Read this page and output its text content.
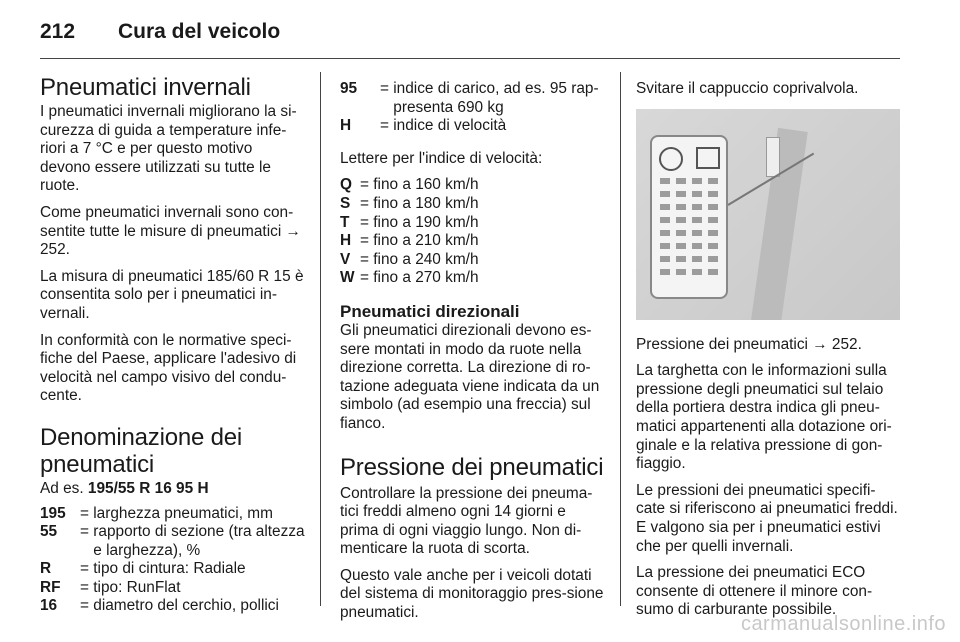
212	Cura del veicolo
Pneumatici invernali

I pneumatici invernali migliorano la si-curezza di guida a temperature infe-riori a 7 °C e per questo motivo devono essere utilizzati su tutte le ruote.

Come pneumatici invernali sono con-sentite tutte le misure di pneumatici → 252.

La misura di pneumatici 185/60 R 15 è consentita solo per i pneumatici in-vernali.

In conformità con le normative speci-fiche del Paese, applicare l'adesivo di velocità nel campo visivo del condu-cente.

Denominazione dei pneumatici

Ad es. 195/55 R 16 95 H

195 = larghezza pneumatici, mm
55	= rapporto di sezione (tra altezza e larghezza), %
R	= tipo di cintura: Radiale
RF	= tipo: RunFlat
16	= diametro del cerchio, pollici
95	= indice di carico, ad es. 95 rap-presenta 690 kg
H	= indice di velocità

Lettere per l'indice di velocità:

Q = fino a 160 km/h
S = fino a 180 km/h
T = fino a 190 km/h
H = fino a 210 km/h
V = fino a 240 km/h
W = fino a 270 km/h
Pneumatici direzionali

Gli pneumatici direzionali devono es-sere montati in modo da ruote nella direzione corretta. La direzione di ro-tazione adeguata viene indicata da un simbolo (ad esempio una freccia) sul fianco.

Pressione dei pneumatici

Controllare la pressione dei pneuma-tici freddi almeno ogni 14 giorni e prima di ogni viaggio lungo. Non di-menticare la ruota di scorta.

Questo vale anche per i veicoli dotati del sistema di monitoraggio pres-sione pneumatici.

Svitare il cappuccio coprivalvola.

Pressione dei pneumatici → 252.

La targhetta con le informazioni sulla pressione degli pneumatici sul telaio della portiera destra indica gli pneu-matici appartenenti alla dotazione ori-ginale e la relativa pressione di gon-fiaggio.

Le pressioni dei pneumatici specifi-cate si riferiscono ai pneumatici freddi. E valgono sia per i pneumatici estivi che per quelli invernali.

La pressione dei pneumatici ECO consente di ottenere il minore con-sumo di carburante possibile.

carmanualsonline.info
